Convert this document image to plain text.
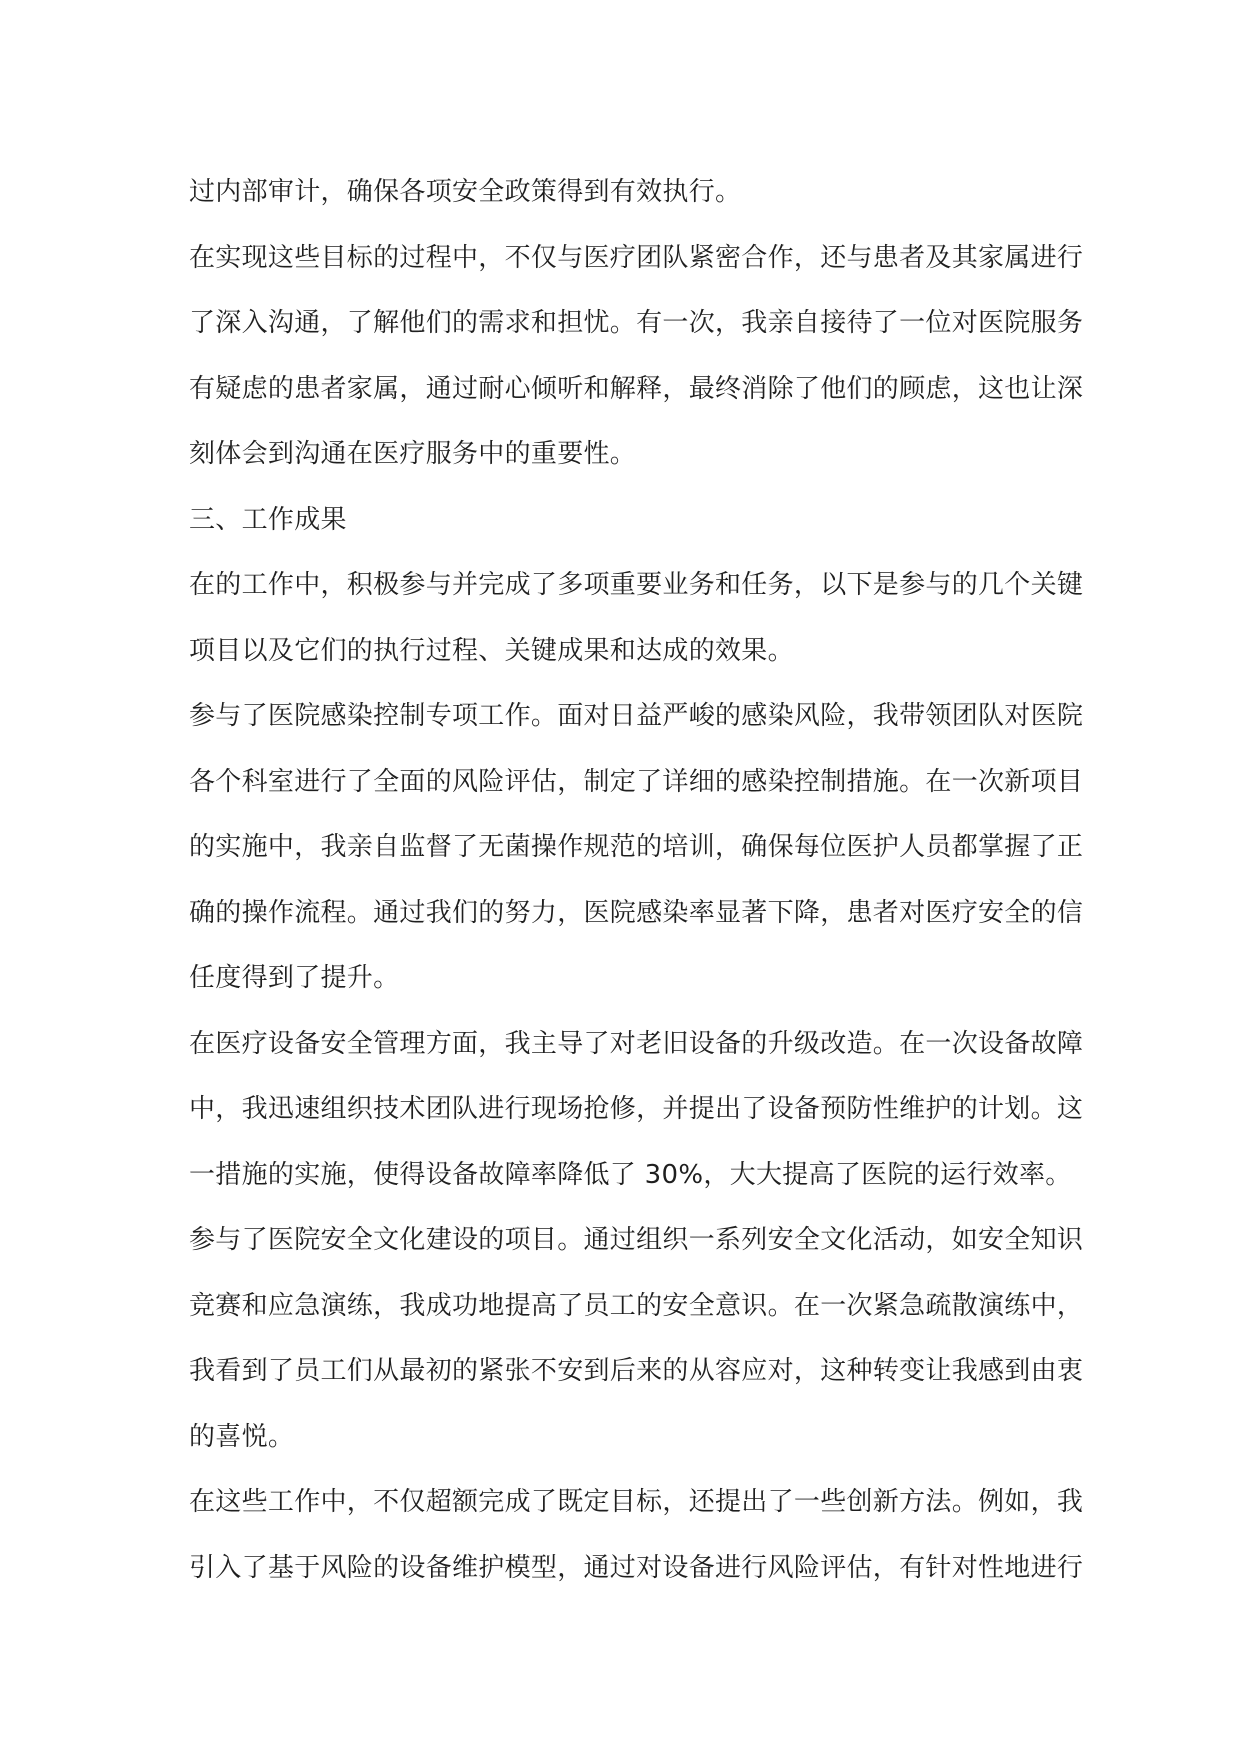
过内部审计，确保各项安全政策得到有效执行。

在实现这些目标的过程中，不仅与医疗团队紧密合作，还与患者及其家属进行
了深入沟通，了解他们的需求和担忧。有一次，我亲自接待了一位对医院服务
有疑虑的患者家属，通过耐心倾听和解释，最终消除了他们的顾虑，这也让深
刻体会到沟通在医疗服务中的重要性。

三、工作成果

在的工作中，积极参与并完成了多项重要业务和任务，以下是参与的几个关键
项目以及它们的执行过程、关键成果和达成的效果。

参与了医院感染控制专项工作。面对日益严峻的感染风险，我带领团队对医院
各个科室进行了全面的风险评估，制定了详细的感染控制措施。在一次新项目
的实施中，我亲自监督了无菌操作规范的培训，确保每位医护人员都掌握了正
确的操作流程。通过我们的努力，医院感染率显著下降，患者对医疗安全的信
任度得到了提升。

在医疗设备安全管理方面，我主导了对老旧设备的升级改造。在一次设备故障
中，我迅速组织技术团队进行现场抢修，并提出了设备预防性维护的计划。这
一措施的实施，使得设备故障率降低了 30%，大大提高了医院的运行效率。

参与了医院安全文化建设的项目。通过组织一系列安全文化活动，如安全知识
竞赛和应急演练，我成功地提高了员工的安全意识。在一次紧急疏散演练中，
我看到了员工们从最初的紧张不安到后来的从容应对，这种转变让我感到由衷
的喜悦。

在这些工作中，不仅超额完成了既定目标，还提出了一些创新方法。例如，我
引入了基于风险的设备维护模型，通过对设备进行风险评估，有针对性地进行
